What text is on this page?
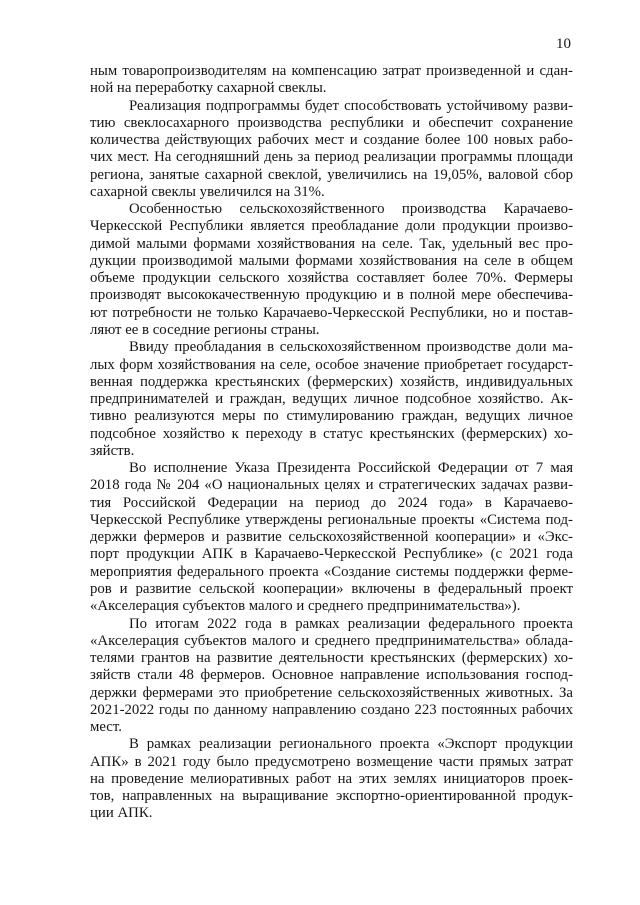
10
ным товаропроизводителям на компенсацию затрат произведенной и сдан-
ной на переработку сахарной свеклы.
Реализация подпрограммы будет способствовать устойчивому разви-
тию свеклосахарного производства республики и обеспечит сохранение
количества действующих рабочих мест и создание более 100 новых рабо-
чих мест. На сегодняшний день за период реализации программы площади
региона, занятые сахарной свеклой, увеличились на 19,05%, валовой сбор
сахарной свеклы увеличился на 31%.
Особенностью сельскохозяйственного производства Карачаево-
Черкесской Республики является преобладание доли продукции произво-
димой малыми формами хозяйствования на селе. Так, удельный вес про-
дукции производимой малыми формами хозяйствования на селе в общем
объеме продукции сельского хозяйства составляет более 70%. Фермеры
производят высококачественную продукцию и в полной мере обеспечива-
ют потребности не только Карачаево-Черкесской Республики, но и постав-
ляют ее в соседние регионы страны.
Ввиду преобладания в сельскохозяйственном производстве доли ма-
лых форм хозяйствования на селе, особое значение приобретает государст-
венная поддержка крестьянских (фермерских) хозяйств, индивидуальных
предпринимателей и граждан, ведущих личное подсобное хозяйство. Ак-
тивно реализуются меры по стимулированию граждан, ведущих личное
подсобное хозяйство к переходу в статус крестьянских (фермерских) хо-
зяйств.
Во исполнение Указа Президента Российской Федерации от 7 мая
2018 года № 204 «О национальных целях и стратегических задачах разви-
тия Российской Федерации на период до 2024 года» в Карачаево-
Черкесской Республике утверждены региональные проекты «Система под-
держки фермеров и развитие сельскохозяйственной кооперации» и «Экс-
порт продукции АПК в Карачаево-Черкесской Республике» (с 2021 года
мероприятия федерального проекта «Создание системы поддержки ферме-
ров и развитие сельской кооперации» включены в федеральный проект
«Акселерация субъектов малого и среднего предпринимательства»).
По итогам 2022 года в рамках реализации федерального проекта
«Акселерация субъектов малого и среднего предпринимательства» облада-
телями грантов на развитие деятельности крестьянских (фермерских) хо-
зяйств стали 48 фермеров. Основное направление использования господ-
держки фермерами это приобретение сельскохозяйственных животных. За
2021-2022 годы по данному направлению создано 223 постоянных рабочих
мест.
В рамках реализации регионального проекта «Экспорт продукции
АПК» в 2021 году было предусмотрено возмещение части прямых затрат
на проведение мелиоративных работ на этих землях инициаторов проек-
тов, направленных на выращивание экспортно-ориентированной продук-
ции АПК.
